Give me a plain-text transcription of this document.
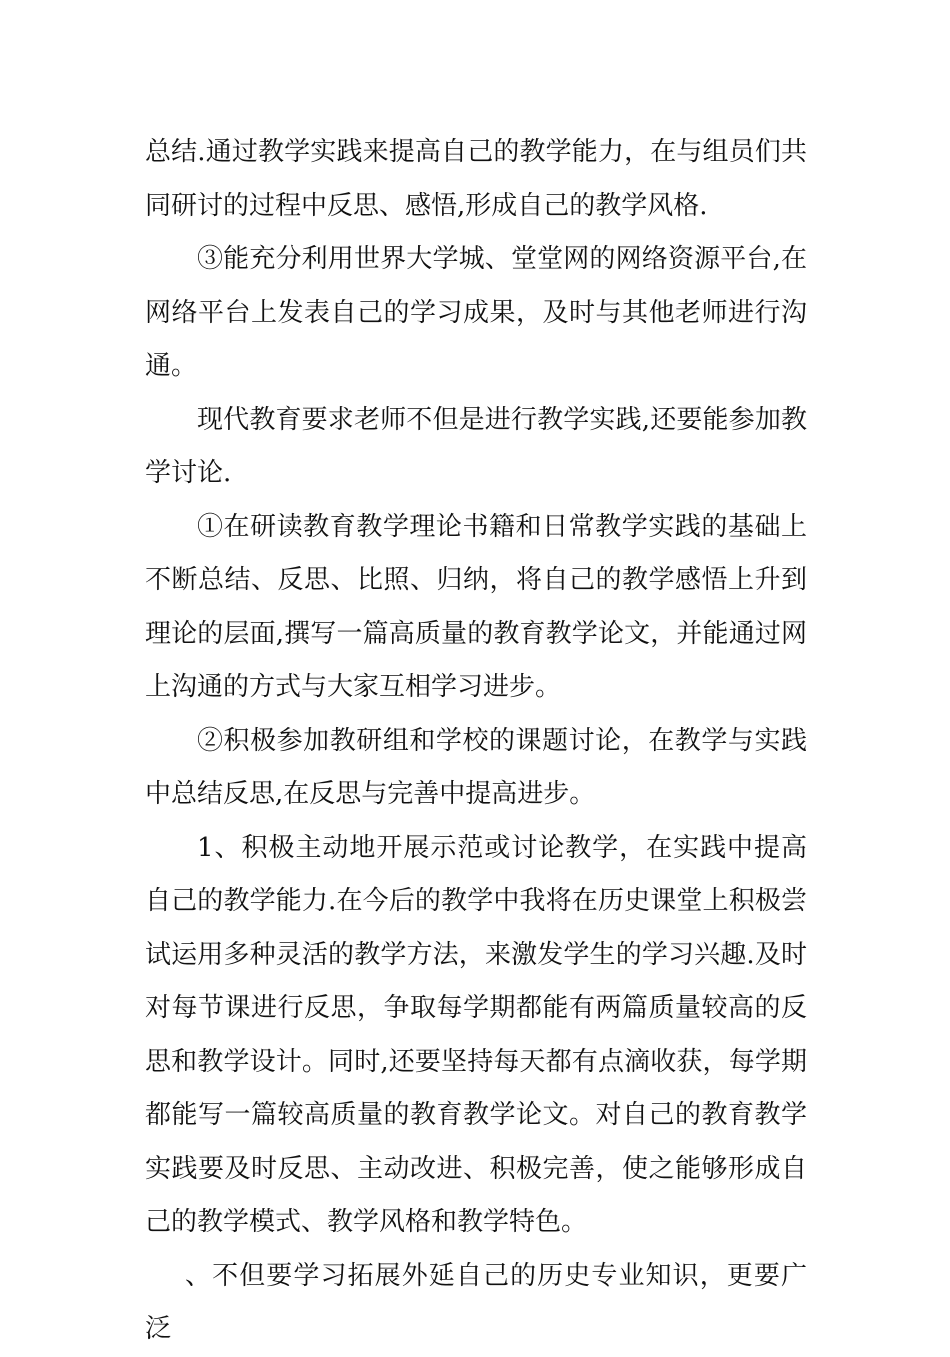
总结.通过教学实践来提高自己的教学能力，在与组员们共同研讨的过程中反思、感悟,形成自己的教学风格.

③能充分利用世界大学城、堂堂网的网络资源平台,在网络平台上发表自己的学习成果，及时与其他老师进行沟通。

现代教育要求老师不但是进行教学实践,还要能参加教学讨论.

①在研读教育教学理论书籍和日常教学实践的基础上不断总结、反思、比照、归纳，将自己的教学感悟上升到理论的层面,撰写一篇高质量的教育教学论文，并能通过网上沟通的方式与大家互相学习进步。

②积极参加教研组和学校的课题讨论，在教学与实践中总结反思,在反思与完善中提高进步。

1、积极主动地开展示范或讨论教学，在实践中提高自己的教学能力.在今后的教学中我将在历史课堂上积极尝试运用多种灵活的教学方法，来激发学生的学习兴趣.及时对每节课进行反思，争取每学期都能有两篇质量较高的反思和教学设计。同时,还要坚持每天都有点滴收获，每学期都能写一篇较高质量的教育教学论文。对自己的教育教学实践要及时反思、主动改进、积极完善，使之能够形成自己的教学模式、教学风格和教学特色。

、不但要学习拓展外延自己的历史专业知识，更要广泛
